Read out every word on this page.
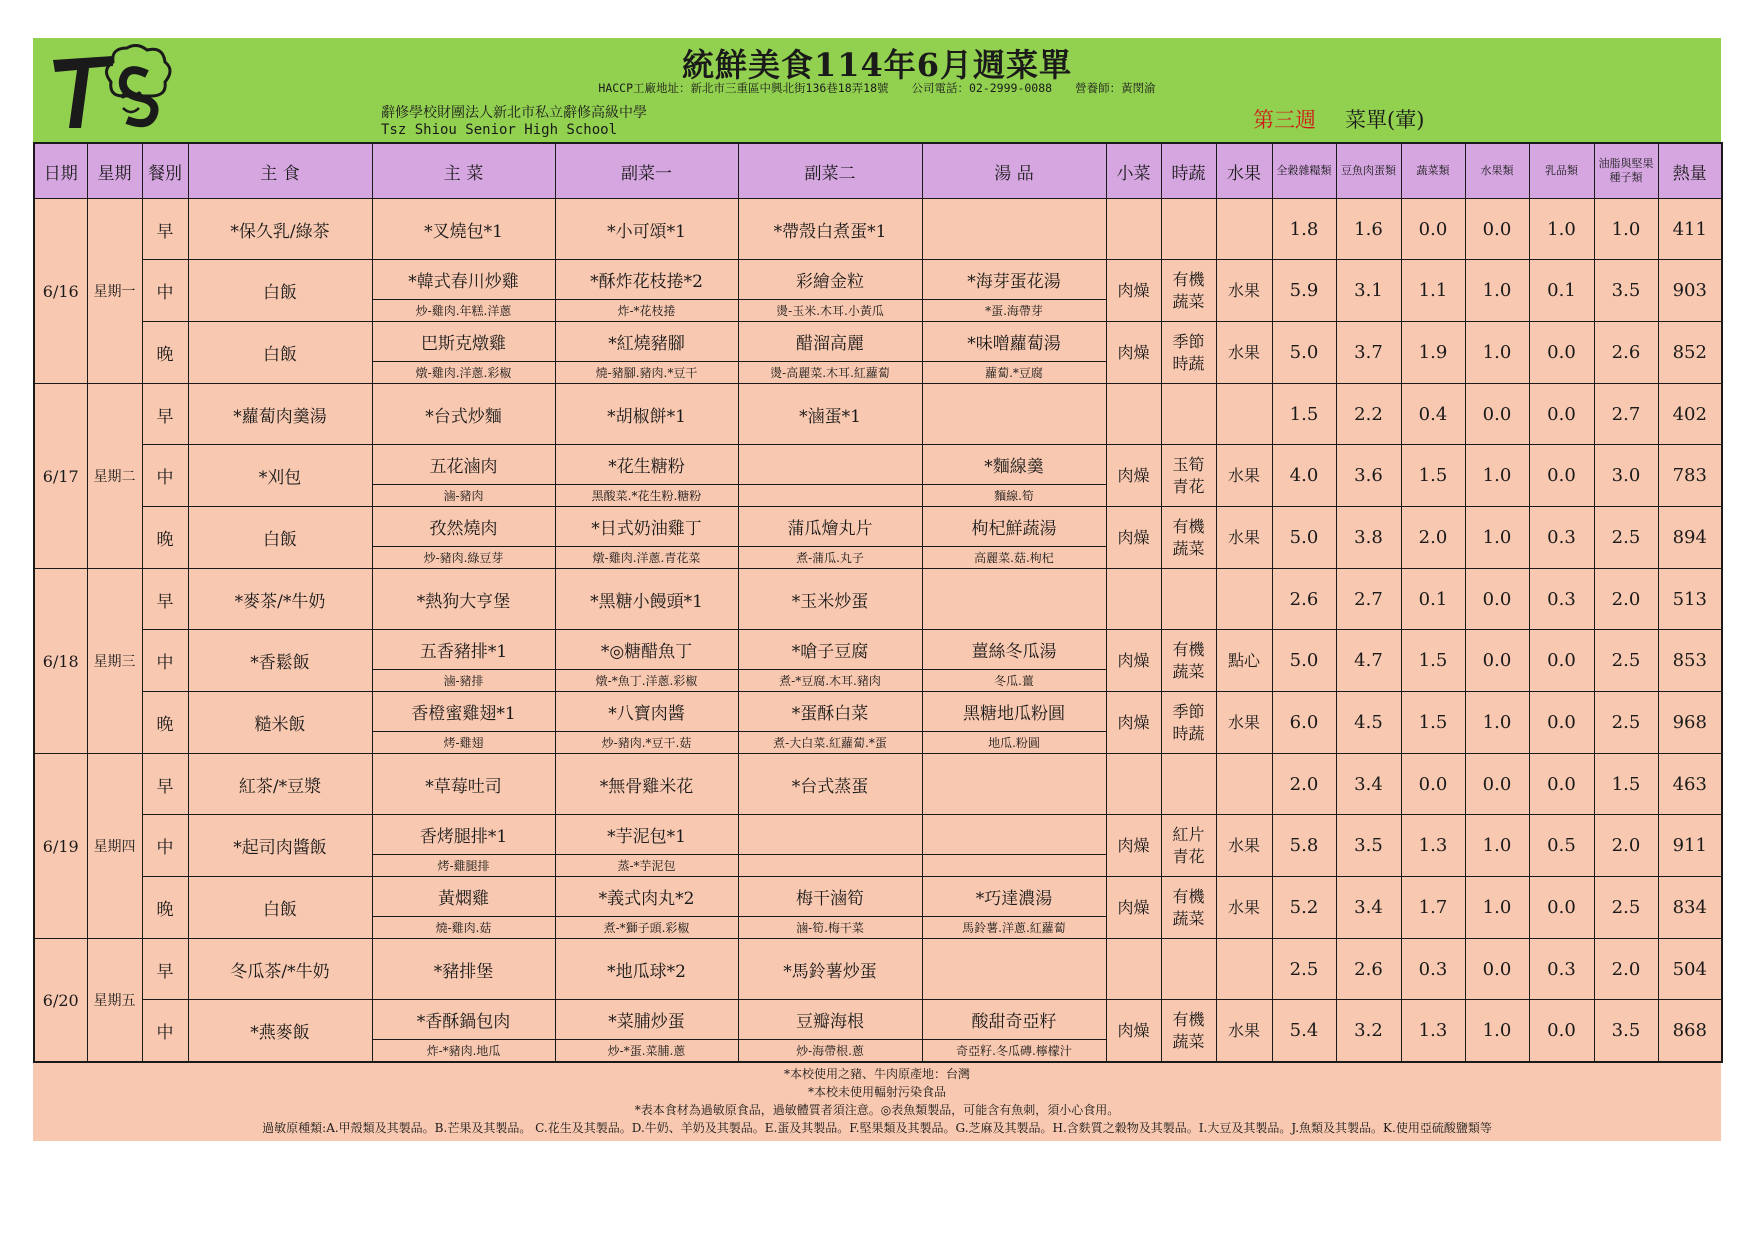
統鮮美食114年6月週菜單
HACCP工廠地址：新北市三重區中興北街136巷18弄18號　　公司電話：02-2999-0088　　營養師：黃閔渝
辭修學校財團法人新北市私立辭修高級中學
Tsz Shiou Senior High School	第三週 菜單(葷)
日期	星期	餐別	主 食	主 菜	副菜一	副菜二	湯 品	小菜	時蔬	水果	全穀雜糧類	豆魚肉蛋類	蔬菜類	水果類	乳品類	油脂與堅果種子類	熱量
6/16	星期一	早	*保久乳/綠茶	*叉燒包*1	*小可頌*1	*帶殼白煮蛋*1					1.8	1.6	0.0	0.0	1.0	1.0	411
		中	白飯	*韓式春川炒雞	*酥炸花枝捲*2	彩繪金粒	*海芽蛋花湯	肉燥	有機蔬菜	水果	5.9	3.1	1.1	1.0	0.1	3.5	903
				炒-雞肉.年糕.洋蔥	炸-*花枝捲	燙-玉米.木耳.小黃瓜	*蛋.海帶芽										
		晚	白飯	巴斯克燉雞	*紅燒豬腳	醋溜高麗	*味噌蘿蔔湯	肉燥	季節時蔬	水果	5.0	3.7	1.9	1.0	0.0	2.6	852
				燉-雞肉.洋蔥.彩椒	燒-豬腳.豬肉.*豆干	燙-高麗菜.木耳.紅蘿蔔	蘿蔔.*豆腐										
6/17	星期二	早	*蘿蔔肉羹湯	*台式炒麵	*胡椒餅*1	*滷蛋*1					1.5	2.2	0.4	0.0	0.0	2.7	402
		中	*刈包	五花滷肉	*花生糖粉		*麵線羹	肉燥	玉筍青花	水果	4.0	3.6	1.5	1.0	0.0	3.0	783
				滷-豬肉	黑酸菜.*花生粉.糖粉		麵線.筍										
		晚	白飯	孜然燒肉	*日式奶油雞丁	蒲瓜燴丸片	枸杞鮮蔬湯	肉燥	有機蔬菜	水果	5.0	3.8	2.0	1.0	0.3	2.5	894
				炒-豬肉.綠豆芽	燉-雞肉.洋蔥.青花菜	煮-蒲瓜.丸子	高麗菜.菇.枸杞										
6/18	星期三	早	*麥茶/*牛奶	*熱狗大亨堡	*黑糖小饅頭*1	*玉米炒蛋					2.6	2.7	0.1	0.0	0.3	2.0	513
		中	*香鬆飯	五香豬排*1	*◎糖醋魚丁	*嗆子豆腐	薑絲冬瓜湯	肉燥	有機蔬菜	點心	5.0	4.7	1.5	0.0	0.0	2.5	853
				滷-豬排	燉-*魚丁.洋蔥.彩椒	煮-*豆腐.木耳.豬肉	冬瓜.薑										
		晚	糙米飯	香橙蜜雞翅*1	*八寶肉醬	*蛋酥白菜	黑糖地瓜粉圓	肉燥	季節時蔬	水果	6.0	4.5	1.5	1.0	0.0	2.5	968
				烤-雞翅	炒-豬肉.*豆干.菇	煮-大白菜.紅蘿蔔.*蛋	地瓜.粉圓										
6/19	星期四	早	紅茶/*豆漿	*草莓吐司	*無骨雞米花	*台式蒸蛋					2.0	3.4	0.0	0.0	0.0	1.5	463
		中	*起司肉醬飯	香烤腿排*1	*芋泥包*1			肉燥	紅片青花	水果	5.8	3.5	1.3	1.0	0.5	2.0	911
				烤-雞腿排	蒸-*芋泥包												
		晚	白飯	黃燜雞	*義式肉丸*2	梅干滷筍	*巧達濃湯	肉燥	有機蔬菜	水果	5.2	3.4	1.7	1.0	0.0	2.5	834
				燒-雞肉.菇	煮-*獅子頭.彩椒	滷-筍.梅干菜	馬鈴薯.洋蔥.紅蘿蔔										
6/20	星期五	早	冬瓜茶/*牛奶	*豬排堡	*地瓜球*2	*馬鈴薯炒蛋					2.5	2.6	0.3	0.0	0.3	2.0	504
		中	*燕麥飯	*香酥鍋包肉	*菜脯炒蛋	豆瓣海根	酸甜奇亞籽	肉燥	有機蔬菜	水果	5.4	3.2	1.3	1.0	0.0	3.5	868
				炸-*豬肉.地瓜	炒-*蛋.菜脯.蔥	炒-海帶根.蔥	奇亞籽.冬瓜磚.檸檬汁										
*本校使用之豬、牛肉原產地：台灣
*本校未使用輻射污染食品
*表本食材為過敏原食品，過敏體質者須注意。◎表魚類製品，可能含有魚刺，須小心食用。
過敏原種類:A.甲殼類及其製品。B.芒果及其製品。 C.花生及其製品。D.牛奶、羊奶及其製品。E.蛋及其製品。F.堅果類及其製品。G.芝麻及其製品。H.含麩質之穀物及其製品。I.大豆及其製品。J.魚類及其製品。K.使用亞硫酸鹽類等
